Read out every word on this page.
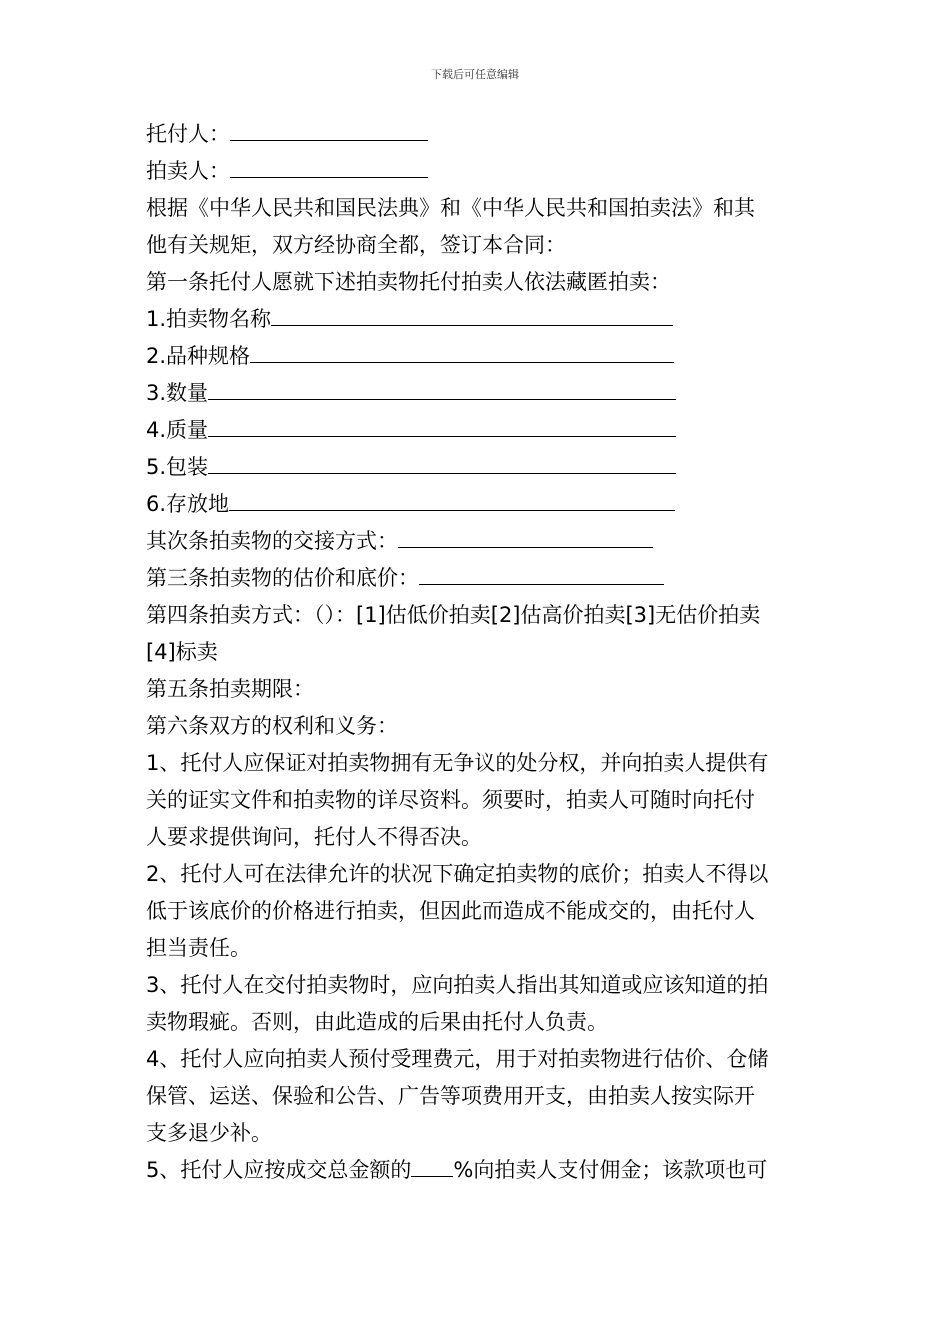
下载后可任意编辑
托付人：
拍卖人：
根据《中华人民共和国民法典》和《中华人民共和国拍卖法》和其
他有关规矩，双方经协商全都，签订本合同：
第一条托付人愿就下述拍卖物托付拍卖人依法藏匿拍卖：
1.拍卖物名称
2.品种规格
3.数量
4.质量
5.包装
6.存放地
其次条拍卖物的交接方式：
第三条拍卖物的估价和底价：
第四条拍卖方式：（）：[1]估低价拍卖[2]估高价拍卖[3]无估价拍卖
[4]标卖
第五条拍卖期限：
第六条双方的权利和义务：
1、托付人应保证对拍卖物拥有无争议的处分权，并向拍卖人提供有
关的证实文件和拍卖物的详尽资料。须要时，拍卖人可随时向托付
人要求提供询问，托付人不得否决。
2、托付人可在法律允许的状况下确定拍卖物的底价；拍卖人不得以
低于该底价的价格进行拍卖，但因此而造成不能成交的，由托付人
担当责任。
3、托付人在交付拍卖物时，应向拍卖人指出其知道或应该知道的拍
卖物瑕疵。否则，由此造成的后果由托付人负责。
4、托付人应向拍卖人预付受理费元，用于对拍卖物进行估价、仓储
保管、运送、保验和公告、广告等项费用开支，由拍卖人按实际开
支多退少补。
5、托付人应按成交总金额的 %向拍卖人支付佣金；该款项也可
